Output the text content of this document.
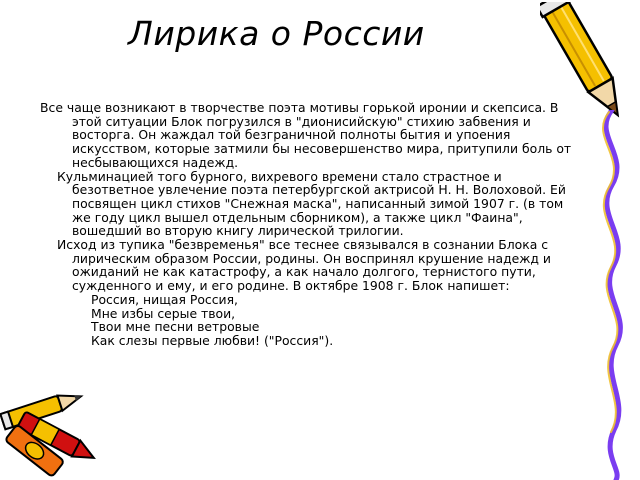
Лирика о России

Все чаще возникают в творчестве поэта мотивы горькой иронии и скепсиса. В этой ситуации Блок погрузился в "дионисийскую" стихию забвения и восторга. Он жаждал той безграничной полноты бытия и упоения искусством, которые затмили бы несовершенство мира, притупили боль от несбывающихся надежд.

Кульминацией того бурного, вихревого времени стало страстное и безответное увлечение поэта петербургской актрисой Н. Н. Волоховой. Ей посвящен цикл стихов "Снежная маска", написанный зимой 1907 г. (в том же году цикл вышел отдельным сборником), а также цикл "Фаина", вошедший во вторую книгу лирической трилогии.

Исход из тупика "безвременья" все теснее связывался в сознании Блока с лирическим образом России, родины. Он воспринял крушение надежд и ожиданий не как катастрофу, а как начало долгого, тернистого пути, сужденного и ему, и его родине. В октябре 1908 г. Блок напишет:

Россия, нищая Россия,
Мне избы серые твои,
Твои мне песни ветровые
Как слезы первые любви! ("Россия").
